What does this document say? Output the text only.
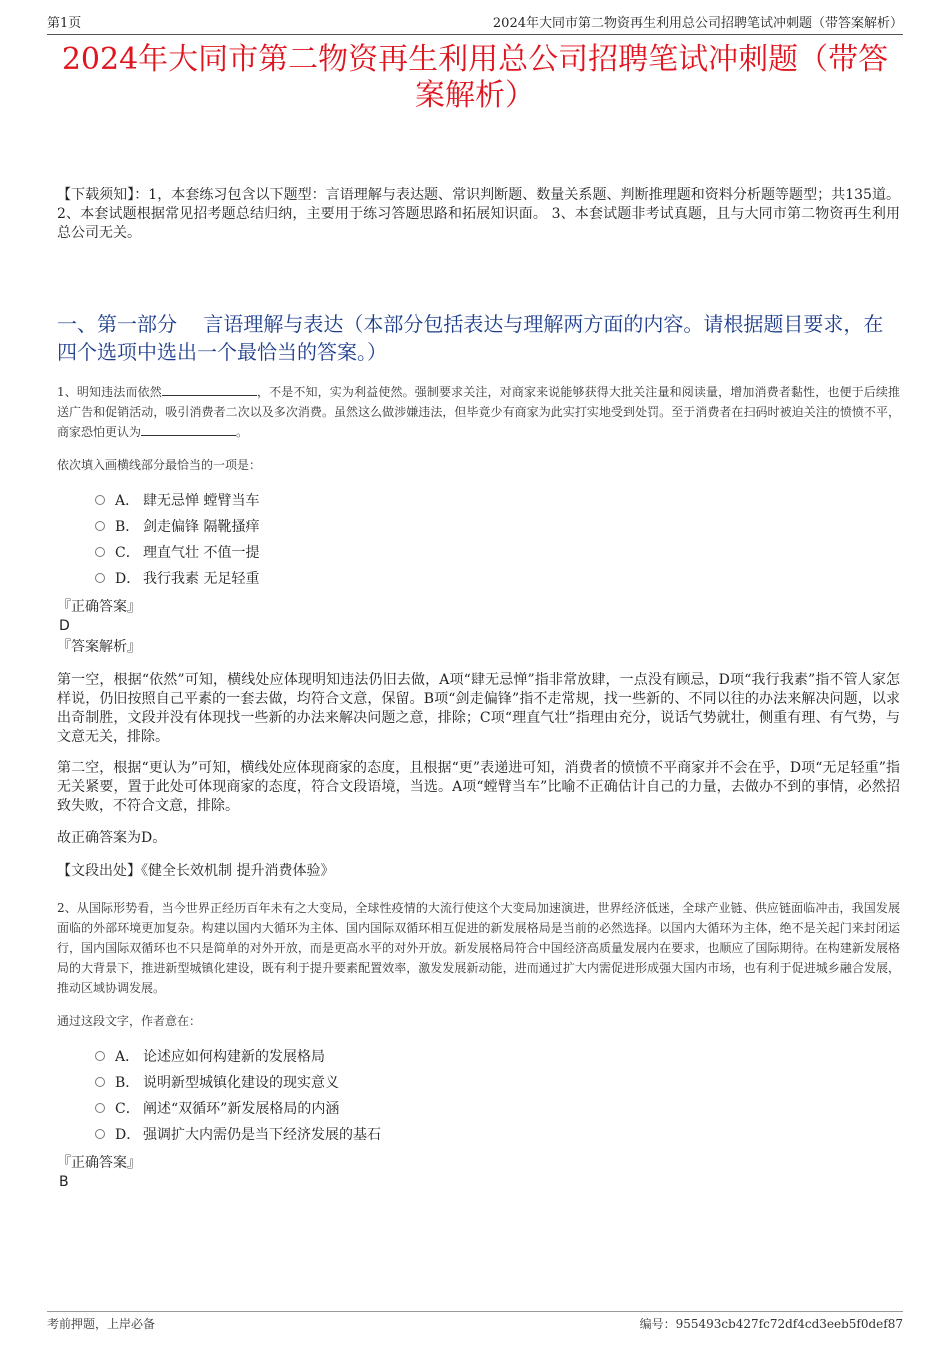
第1页	2024年大同市第二物资再生利用总公司招聘笔试冲刺题（带答案解析）
2024年大同市第二物资再生利用总公司招聘笔试冲刺题（带答案解析）
【下载须知】：1，本套练习包含以下题型：言语理解与表达题、常识判断题、数量关系题、判断推理题和资料分析题等题型；共135道。 2、本套试题根据常见招考题总结归纳，主要用于练习答题思路和拓展知识面。 3、本套试题非考试真题，且与大同市第二物资再生利用总公司无关。
一、第一部分　 言语理解与表达（本部分包括表达与理解两方面的内容。请根据题目要求，在四个选项中选出一个最恰当的答案。）
1、明知违法而依然	，不是不知，实为利益使然。强制要求关注，对商家来说能够获得大批关注量和阅读量，增加消费者黏性，也便于后续推送广告和促销活动，吸引消费者二次以及多次消费。虽然这么做涉嫌违法，但毕竟少有商家为此实打实地受到处罚。至于消费者在扫码时被迫关注的愤愤不平，商家恐怕更认为	。
依次填入画横线部分最恰当的一项是：
A． 肆无忌惮 螳臂当车
B． 剑走偏锋 隔靴搔痒
C． 理直气壮 不值一提
D． 我行我素 无足轻重
『正确答案』
D
『答案解析』
第一空，根据“依然”可知，横线处应体现明知违法仍旧去做，A项“肆无忌惮”指非常放肆，一点没有顾忌，D项“我行我素”指不管人家怎样说，仍旧按照自己平素的一套去做，均符合文意，保留。B项“剑走偏锋”指不走常规，找一些新的、不同以往的办法来解决问题，以求出奇制胜，文段并没有体现找一些新的办法来解决问题之意，排除；C项“理直气壮”指理由充分，说话气势就壮，侧重有理、有气势，与文意无关，排除。
第二空，根据“更认为”可知，横线处应体现商家的态度，且根据“更”表递进可知，消费者的愤愤不平商家并不会在乎，D项“无足轻重”指无关紧要，置于此处可体现商家的态度，符合文段语境，当选。A项“螳臂当车”比喻不正确估计自己的力量，去做办不到的事情，必然招致失败，不符合文意，排除。
故正确答案为D。
【文段出处】《健全长效机制 提升消费体验》
2、从国际形势看，当今世界正经历百年未有之大变局，全球性疫情的大流行使这个大变局加速演进，世界经济低迷，全球产业链、供应链面临冲击，我国发展面临的外部环境更加复杂。构建以国内大循环为主体、国内国际双循环相互促进的新发展格局是当前的必然选择。以国内大循环为主体，绝不是关起门来封闭运行，国内国际双循环也不只是简单的对外开放，而是更高水平的对外开放。新发展格局符合中国经济高质量发展内在要求，也顺应了国际期待。在构建新发展格局的大背景下，推进新型城镇化建设，既有利于提升要素配置效率，激发发展新动能，进而通过扩大内需促进形成强大国内市场，也有利于促进城乡融合发展，推动区域协调发展。
通过这段文字，作者意在：
A． 论述应如何构建新的发展格局
B． 说明新型城镇化建设的现实意义
C． 阐述“双循环”新发展格局的内涵
D． 强调扩大内需仍是当下经济发展的基石
『正确答案』
B
考前押题，上岸必备	编号：955493cb427fc72df4cd3eeb5f0def87
